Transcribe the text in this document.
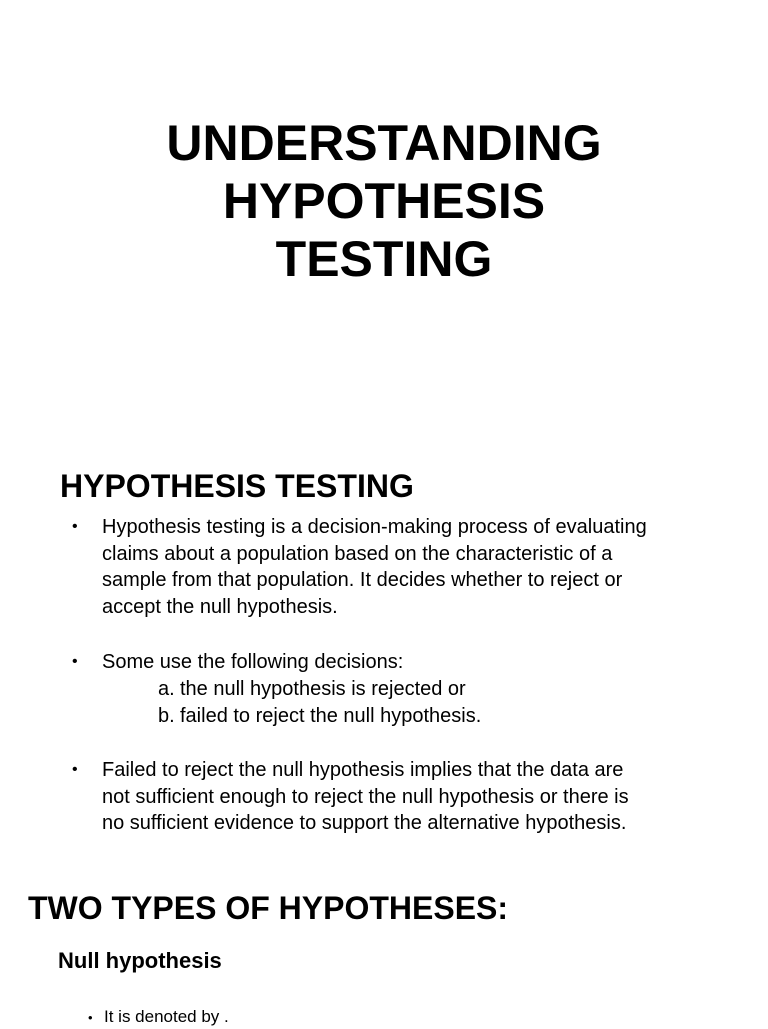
UNDERSTANDING
HYPOTHESIS
TESTING
HYPOTHESIS TESTING
• Hypothesis testing is a decision-making process of evaluating
claims about a population based on the characteristic of a
sample from that population. It decides whether to reject or
accept the null hypothesis.
• Some use the following decisions:
a. the null hypothesis is rejected or
b. failed to reject the null hypothesis.
• Failed to reject the null hypothesis implies that the data are
not sufficient enough to reject the null hypothesis or there is
no sufficient evidence to support the alternative hypothesis.
TWO TYPES OF HYPOTHESES:
Null hypothesis
• It is denoted by .
